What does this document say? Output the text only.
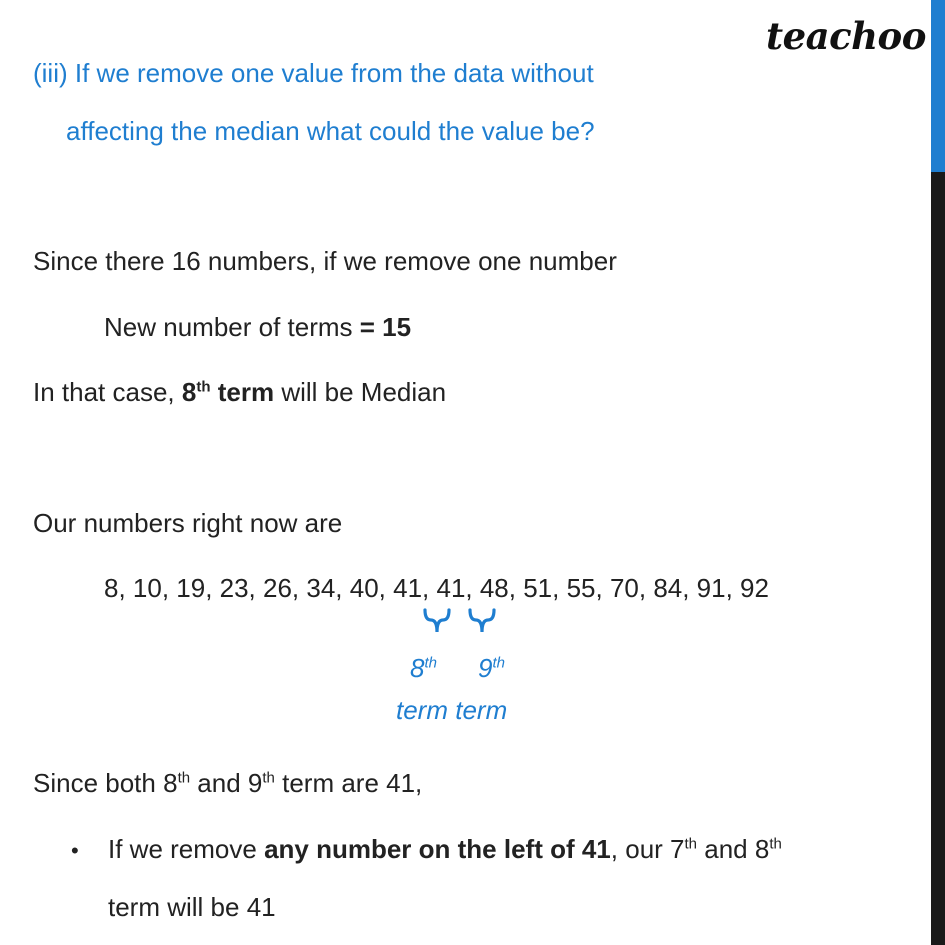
teachoo
(iii) If we remove one value from the data without
affecting the median what could the value be?
Since there 16 numbers, if we remove one number
New number of terms = 15
In that case, 8th term will be Median
Our numbers right now are
8, 10, 19, 23, 26, 34, 40, 41, 41, 48, 51, 55, 70, 84, 91, 92
8th 9th
term term
Since both 8th and 9th term are 41,
• If we remove any number on the left of 41, our 7th and 8th
term will be 41
